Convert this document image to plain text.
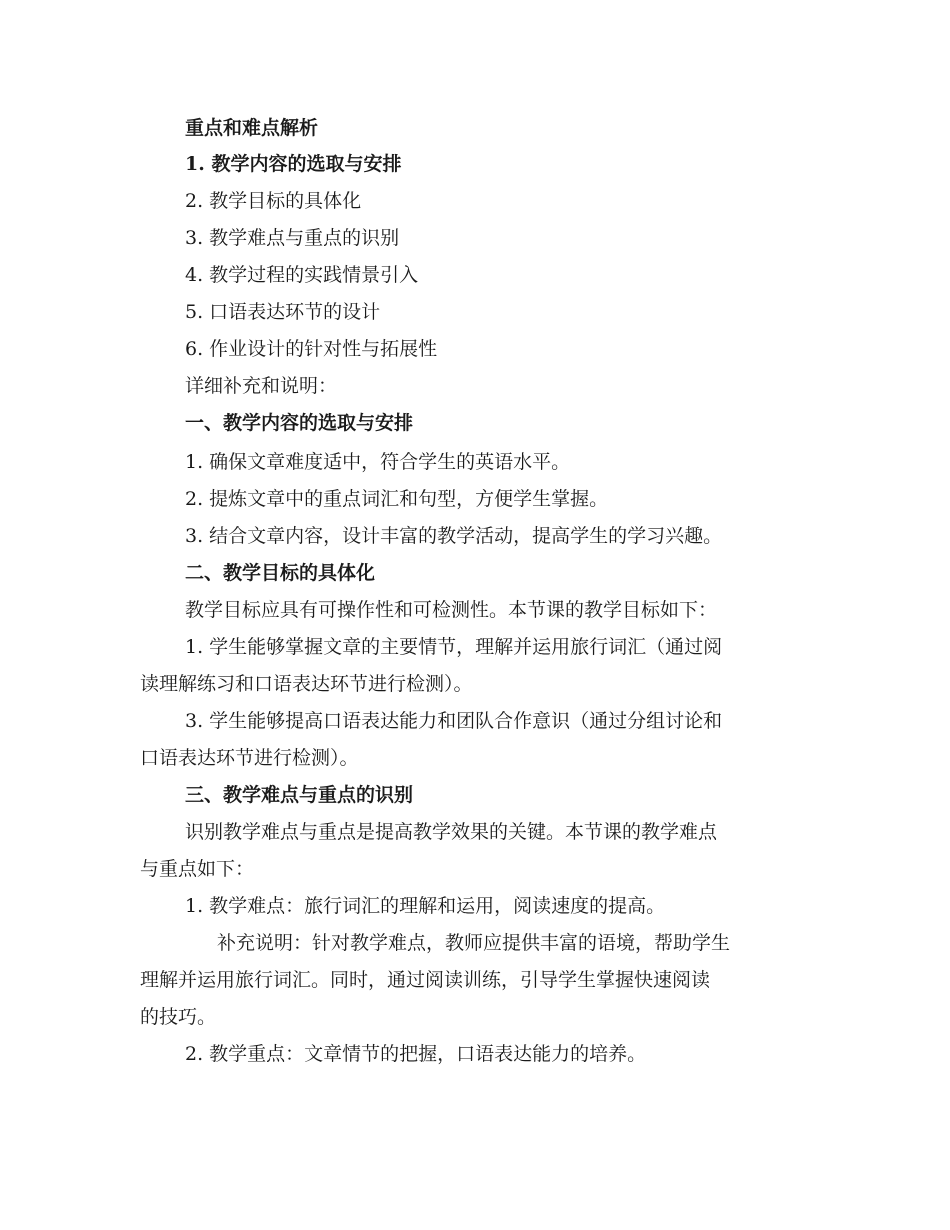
重点和难点解析
1. 教学内容的选取与安排
2. 教学目标的具体化
3. 教学难点与重点的识别
4. 教学过程的实践情景引入
5. 口语表达环节的设计
6. 作业设计的针对性与拓展性
详细补充和说明：
一、教学内容的选取与安排
1. 确保文章难度适中，符合学生的英语水平。
2. 提炼文章中的重点词汇和句型，方便学生掌握。
3. 结合文章内容，设计丰富的教学活动，提高学生的学习兴趣。
二、教学目标的具体化
教学目标应具有可操作性和可检测性。本节课的教学目标如下：
1. 学生能够掌握文章的主要情节，理解并运用旅行词汇（通过阅
读理解练习和口语表达环节进行检测）。
3. 学生能够提高口语表达能力和团队合作意识（通过分组讨论和
口语表达环节进行检测）。
三、教学难点与重点的识别
识别教学难点与重点是提高教学效果的关键。本节课的教学难点
与重点如下：
1. 教学难点：旅行词汇的理解和运用，阅读速度的提高。
补充说明：针对教学难点，教师应提供丰富的语境，帮助学生
理解并运用旅行词汇。同时，通过阅读训练，引导学生掌握快速阅读
的技巧。
2. 教学重点：文章情节的把握，口语表达能力的培养。
